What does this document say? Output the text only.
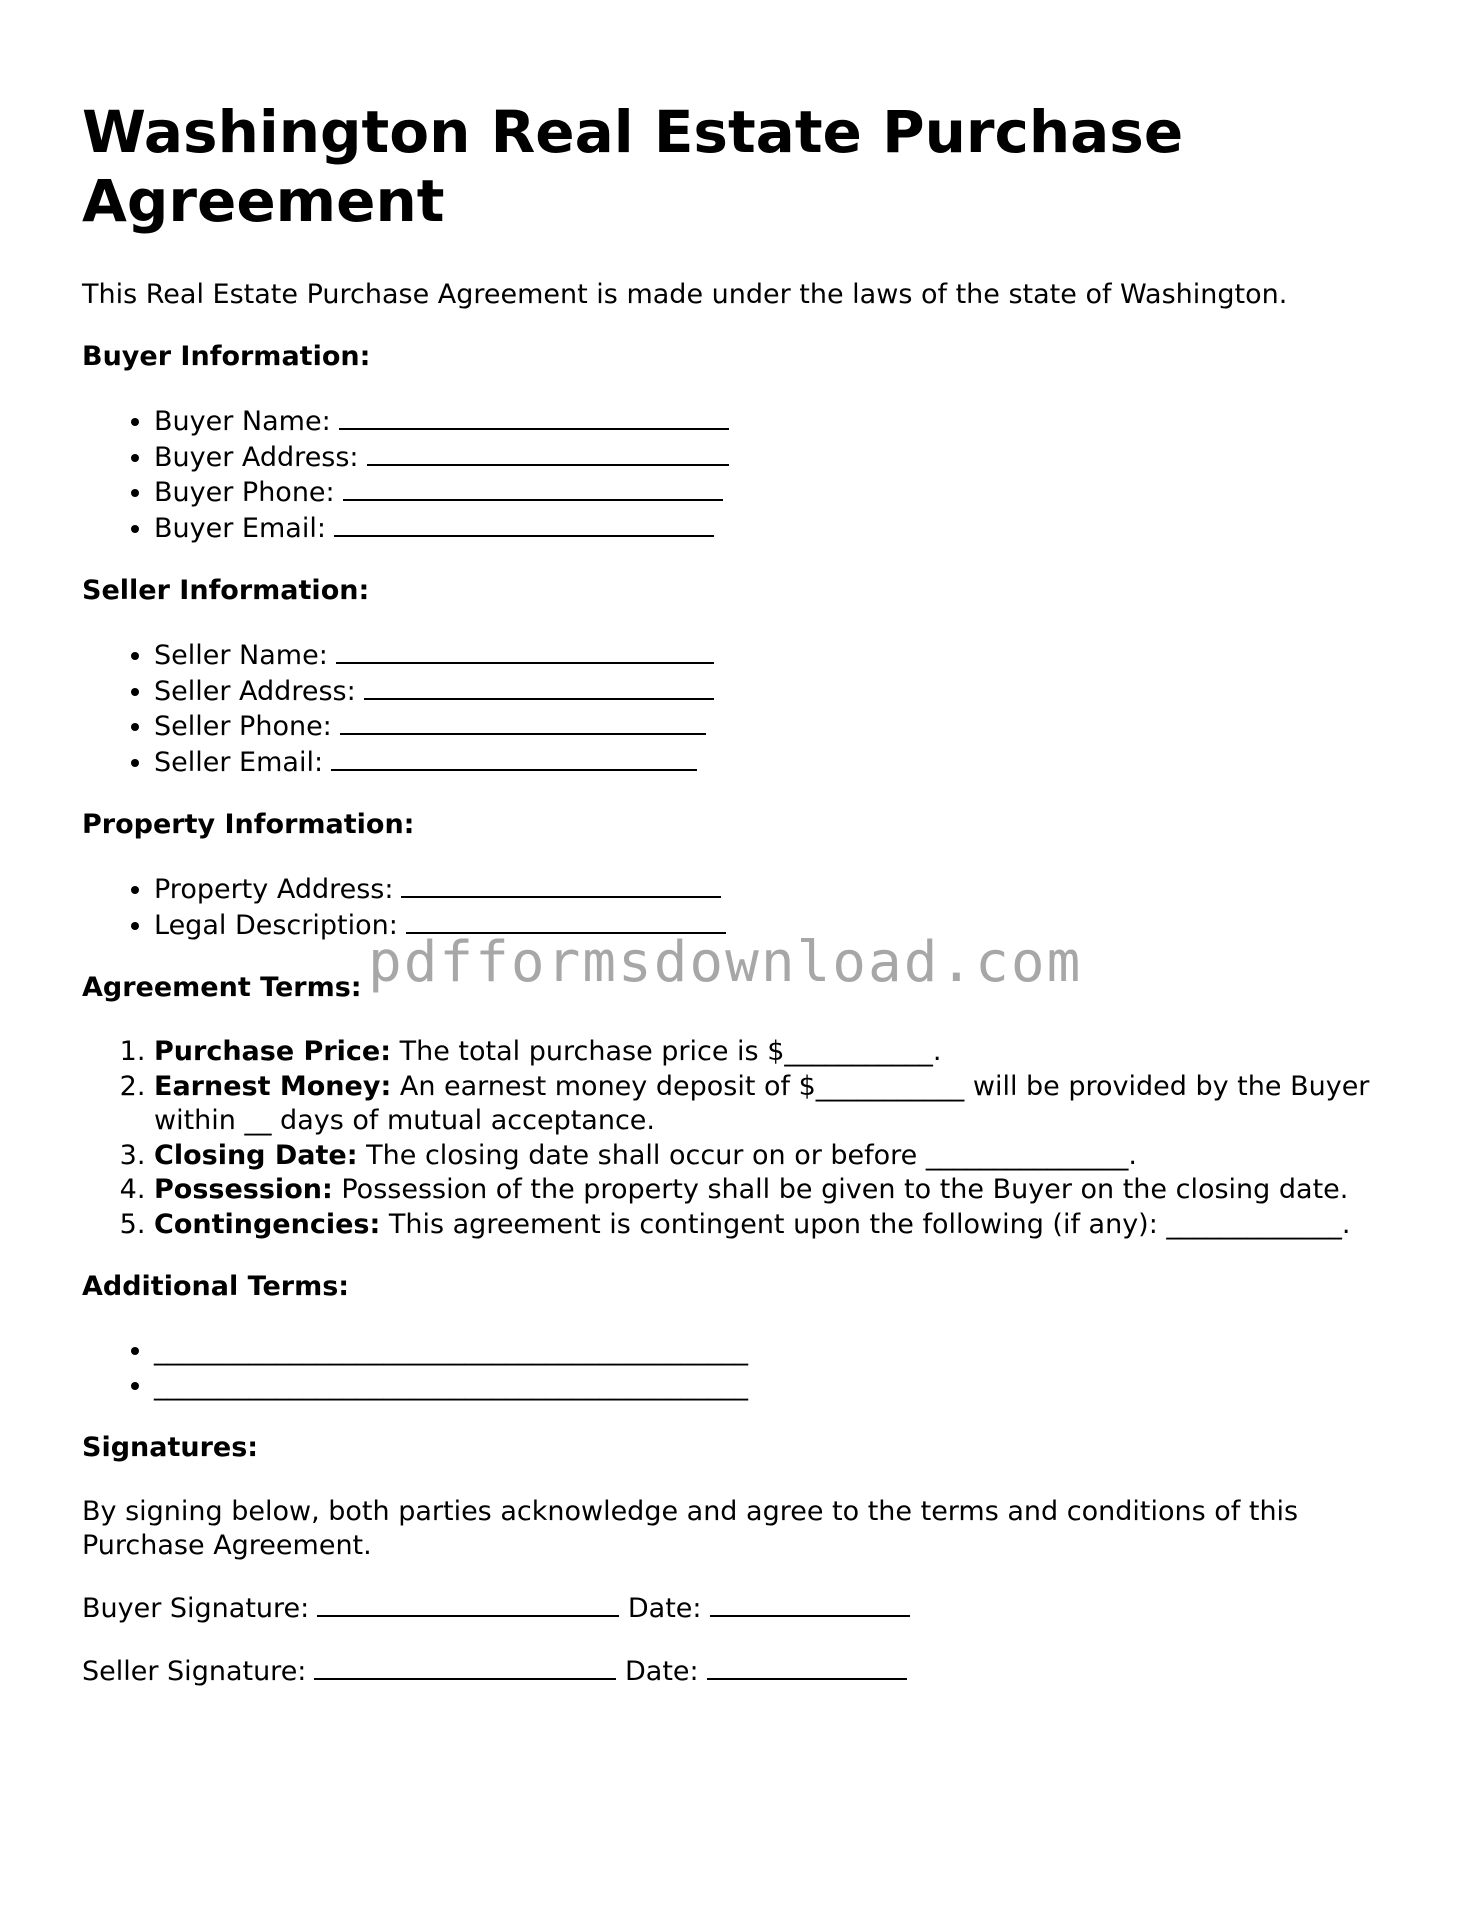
Washington Real Estate Purchase Agreement

This Real Estate Purchase Agreement is made under the laws of the state of Washington.

Buyer Information:
• Buyer Name:
• Buyer Address:
• Buyer Phone:
• Buyer Email:
Seller Information:
• Seller Name:
• Seller Address:
• Seller Phone:
• Seller Email:
Property Information:
• Property Address:
• Legal Description:
Agreement Terms:
1. Purchase Price: The total purchase price is $___________.
2. Earnest Money: An earnest money deposit of $___________ will be provided by the Buyer within __ days of mutual acceptance.
3. Closing Date: The closing date shall occur on or before _______________.
4. Possession: Possession of the property shall be given to the Buyer on the closing date.
5. Contingencies: This agreement is contingent upon the following (if any): _____________.
Additional Terms:
• ____________________________________________
• ____________________________________________
Signatures:

By signing below, both parties acknowledge and agree to the terms and conditions of this Purchase Agreement.

Buyer Signature:	Date:
Seller Signature:	Date:
pdfformsdownload.com
